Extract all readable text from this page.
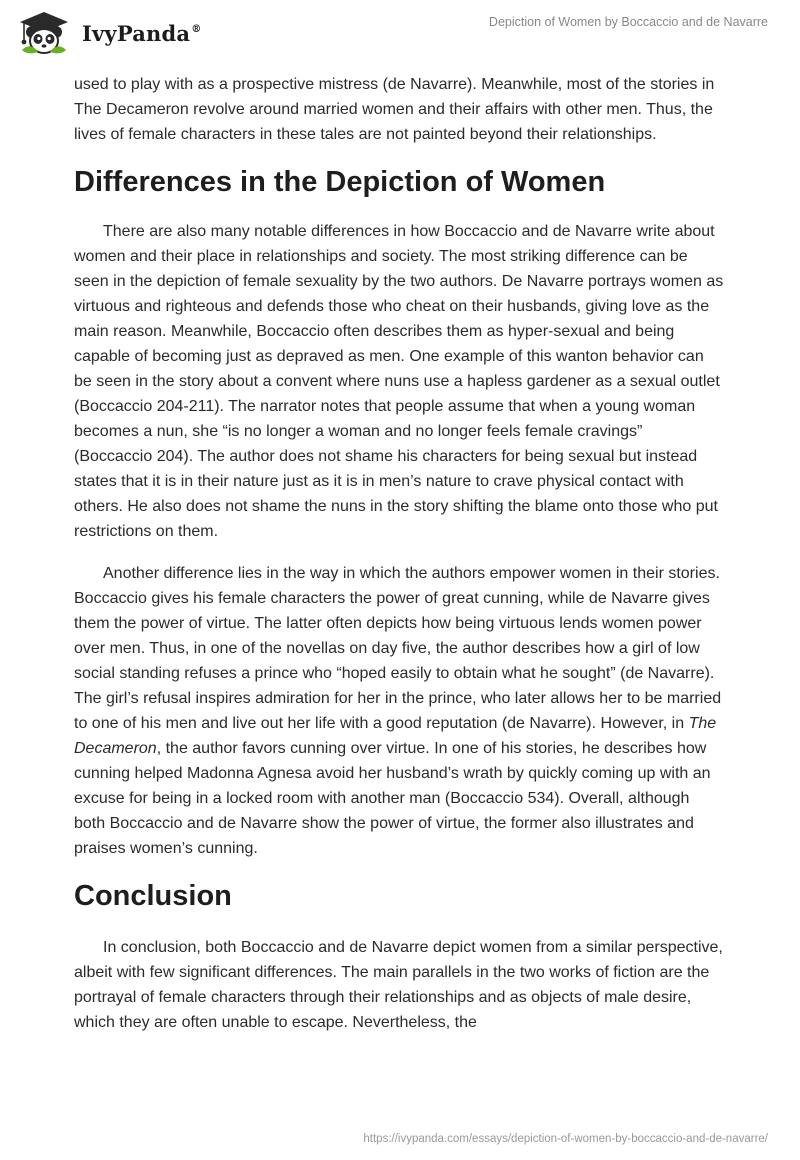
IvyPanda®	Depiction of Women by Boccaccio and de Navarre

used to play with as a prospective mistress (de Navarre). Meanwhile, most of the stories in The Decameron revolve around married women and their affairs with other men. Thus, the lives of female characters in these tales are not painted beyond their relationships.

Differences in the Depiction of Women

There are also many notable differences in how Boccaccio and de Navarre write about women and their place in relationships and society. The most striking difference can be seen in the depiction of female sexuality by the two authors. De Navarre portrays women as virtuous and righteous and defends those who cheat on their husbands, giving love as the main reason. Meanwhile, Boccaccio often describes them as hyper-sexual and being capable of becoming just as depraved as men. One example of this wanton behavior can be seen in the story about a convent where nuns use a hapless gardener as a sexual outlet (Boccaccio 204-211). The narrator notes that people assume that when a young woman becomes a nun, she “is no longer a woman and no longer feels female cravings” (Boccaccio 204). The author does not shame his characters for being sexual but instead states that it is in their nature just as it is in men’s nature to crave physical contact with others. He also does not shame the nuns in the story shifting the blame onto those who put restrictions on them.

Another difference lies in the way in which the authors empower women in their stories. Boccaccio gives his female characters the power of great cunning, while de Navarre gives them the power of virtue. The latter often depicts how being virtuous lends women power over men. Thus, in one of the novellas on day five, the author describes how a girl of low social standing refuses a prince who “hoped easily to obtain what he sought” (de Navarre). The girl’s refusal inspires admiration for her in the prince, who later allows her to be married to one of his men and live out her life with a good reputation (de Navarre). However, in The Decameron, the author favors cunning over virtue. In one of his stories, he describes how cunning helped Madonna Agnesa avoid her husband’s wrath by quickly coming up with an excuse for being in a locked room with another man (Boccaccio 534). Overall, although both Boccaccio and de Navarre show the power of virtue, the former also illustrates and praises women’s cunning.

Conclusion

In conclusion, both Boccaccio and de Navarre depict women from a similar perspective, albeit with few significant differences. The main parallels in the two works of fiction are the portrayal of female characters through their relationships and as objects of male desire, which they are often unable to escape. Nevertheless, the

https://ivypanda.com/essays/depiction-of-women-by-boccaccio-and-de-navarre/
